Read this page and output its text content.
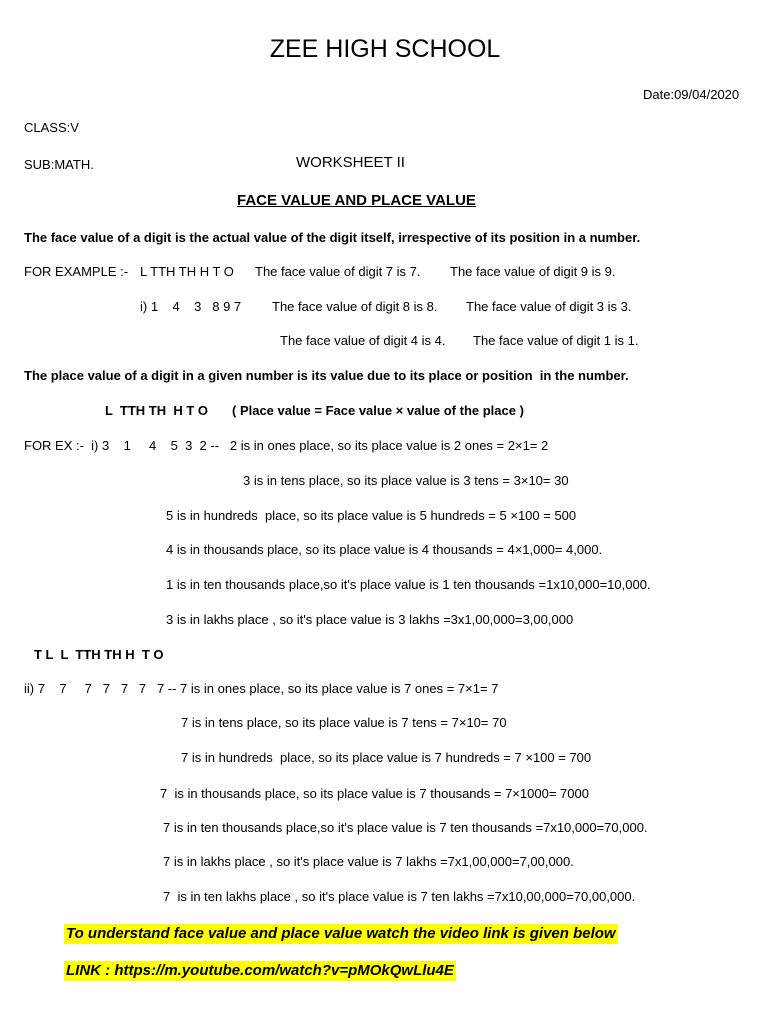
ZEE HIGH SCHOOL
Date:09/04/2020
CLASS:V
SUB:MATH.	WORKSHEET II
FACE VALUE AND PLACE VALUE
The face value of a digit is the actual value of the digit itself, irrespective of its position in a number.
FOR EXAMPLE :- L TTH TH H T O The face value of digit 7 is 7. The face value of digit 9 is 9.
i) 1    4    3   8 9 7 The face value of digit 8 is 8. The face value of digit 3 is 3.
The face value of digit 4 is 4. The face value of digit 1 is 1.
The place value of a digit in a given number is its value due to its place or position  in the number.
L  TTH TH  H T O ( Place value = Face value × value of the place )
FOR EX :-  i) 3    1     4    5  3  2 --   2 is in ones place, so its place value is 2 ones = 2×1= 2
3 is in tens place, so its place value is 3 tens = 3×10= 30
5 is in hundreds  place, so its place value is 5 hundreds = 5 ×100 = 500
4 is in thousands place, so its place value is 4 thousands = 4×1,000= 4,000.
1 is in ten thousands place,so it's place value is 1 ten thousands =1x10,000=10,000.
3 is in lakhs place , so it's place value is 3 lakhs =3x1,00,000=3,00,000
T L  L  TTH TH H  T O
ii) 7    7     7   7   7   7   7 -- 7 is in ones place, so its place value is 7 ones = 7×1= 7
7 is in tens place, so its place value is 7 tens = 7×10= 70
7 is in hundreds  place, so its place value is 7 hundreds = 7 ×100 = 700
7  is in thousands place, so its place value is 7 thousands = 7×1000= 7000
7 is in ten thousands place,so it's place value is 7 ten thousands =7x10,000=70,000.
7 is in lakhs place , so it's place value is 7 lakhs =7x1,00,000=7,00,000.
7  is in ten lakhs place , so it's place value is 7 ten lakhs =7x10,00,000=70,00,000.
To understand face value and place value watch the video link is given below
LINK : https://m.youtube.com/watch?v=pMOkQwLlu4E
